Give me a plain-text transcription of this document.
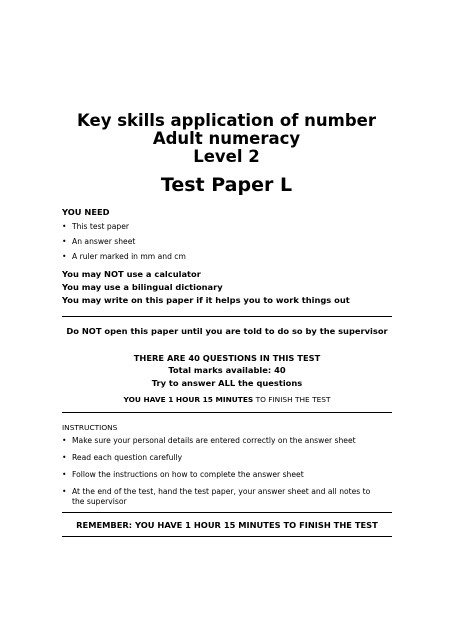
Key skills application of number
Adult numeracy
Level 2
Test Paper L
YOU NEED
• This test paper
• An answer sheet
• A ruler marked in mm and cm
You may NOT use a calculator
You may use a bilingual dictionary
You may write on this paper if it helps you to work things out
Do NOT open this paper until you are told to do so by the supervisor
THERE ARE 40 QUESTIONS IN THIS TEST
Total marks available: 40
Try to answer ALL the questions
YOU HAVE 1 HOUR 15 MINUTES TO FINISH THE TEST
INSTRUCTIONS
• Make sure your personal details are entered correctly on the answer sheet
• Read each question carefully
• Follow the instructions on how to complete the answer sheet
• At the end of the test, hand the test paper, your answer sheet and all notes to the supervisor
REMEMBER: YOU HAVE 1 HOUR 15 MINUTES TO FINISH THE TEST
